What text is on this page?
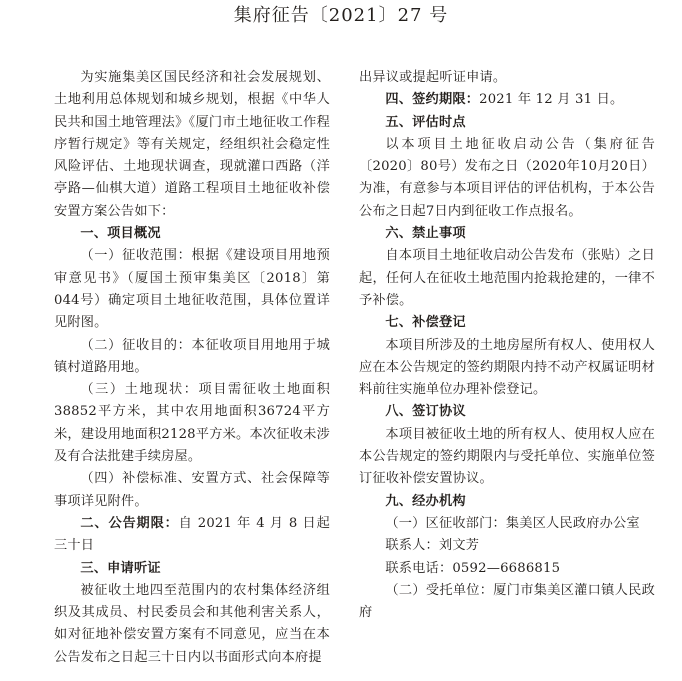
集府征告〔2021〕27 号

为实施集美区国民经济和社会发展规划、土地利用总体规划和城乡规划，根据《中华人民共和国土地管理法》《厦门市土地征收工作程序暂行规定》等有关规定，经组织社会稳定性风险评估、土地现状调查，现就灌口西路（洋亭路—仙棋大道）道路工程项目土地征收补偿安置方案公告如下：

一、项目概况

（一）征收范围：根据《建设项目用地预审意见书》（厦国土预审集美区〔2018〕第044号）确定项目土地征收范围，具体位置详见附图。

（二）征收目的：本征收项目用地用于城镇村道路用地。

（三）土地现状：项目需征收土地面积38852平方米，其中农用地面积36724平方米，建设用地面积2128平方米。本次征收未涉及有合法批建手续房屋。

（四）补偿标准、安置方式、社会保障等事项详见附件。

二、公告期限：自 2021 年 4 月 8 日起三十日

三、申请听证

被征收土地四至范围内的农村集体经济组织及其成员、村民委员会和其他利害关系人，如对征地补偿安置方案有不同意见，应当在本公告发布之日起三十日内以书面形式向本府提

出异议或提起听证申请。

四、签约期限：2021 年 12 月 31 日。

五、评估时点

以本项目土地征收启动公告（集府征告〔2020〕80号）发布之日（2020年10月20日）为准，有意参与本项目评估的评估机构，于本公告公布之日起7日内到征收工作点报名。

六、禁止事项

自本项目土地征收启动公告发布（张贴）之日起，任何人在征收土地范围内抢栽抢建的，一律不予补偿。

七、补偿登记

本项目所涉及的土地房屋所有权人、使用权人应在本公告规定的签约期限内持不动产权属证明材料前往实施单位办理补偿登记。

八、签订协议

本项目被征收土地的所有权人、使用权人应在本公告规定的签约期限内与受托单位、实施单位签订征收补偿安置协议。

九、经办机构

（一）区征收部门：集美区人民政府办公室

联系人：刘文芳

联系电话：0592—6686815

（二）受托单位：厦门市集美区灌口镇人民政府
